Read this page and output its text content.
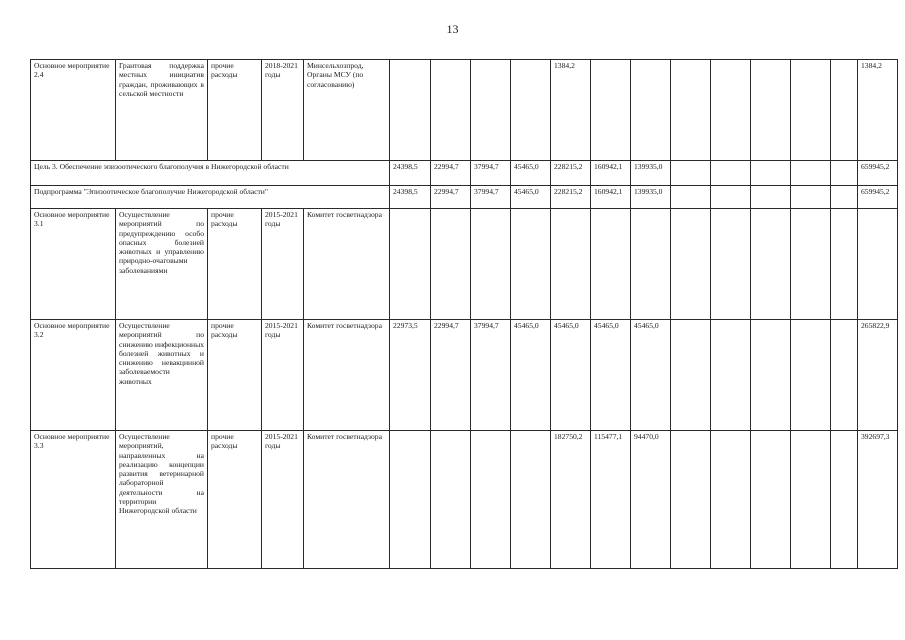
13
Основное мероприятие 2.4	Грантовая поддержка местных инициатив граждан, проживающих в сельской местности	прочие расходы	2018-2021 годы	Минсельхозпрод, Органы МСУ (по согласованию)					1384,2								1384,2
Цель 3. Обеспечение эпизоотического благополучия в Нижегородской области					24398,5	22994,7	37994,7	45465,0	228215,2	160942,1	139935,0						659945,2
Подпрограмма "Эпизоотическое благополучие Нижегородской области"					24398,5	22994,7	37994,7	45465,0	228215,2	160942,1	139935,0						659945,2
Основное мероприятие 3.1	Осуществление мероприятий по предупреждению особо опасных болезней животных и управлению природно-очаговыми заболеваниями	прочие расходы	2015-2021 годы	Комитет госветнадзора													
Основное мероприятие 3.2	Осуществление мероприятий по снижению инфекционных болезней животных и снижению невакцинной заболеваемости животных	прочие расходы	2015-2021 годы	Комитет госветнадзора	22973,5	22994,7	37994,7	45465,0	45465,0	45465,0	45465,0						265822,9
Основное мероприятие 3.3	Осуществление мероприятий, направленных на реализацию концепции развития ветеринарной лабораторной деятельности на территории Нижегородской области	прочие расходы	2015-2021 годы	Комитет госветнадзора					182750,2	115477,1	94470,0						392697,3
